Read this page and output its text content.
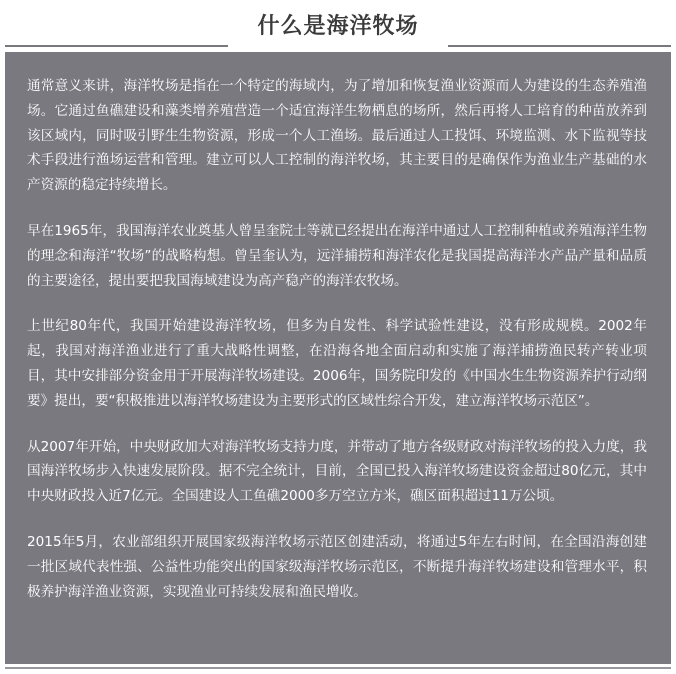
什么是海洋牧场

通常意义来讲，海洋牧场是指在一个特定的海域内，为了增加和恢复渔业资源而人为建设的生态养殖渔场。它通过鱼礁建设和藻类增养殖营造一个适宜海洋生物栖息的场所，然后再将人工培育的种苗放养到该区域内，同时吸引野生生物资源，形成一个人工渔场。最后通过人工投饵、环境监测、水下监视等技术手段进行渔场运营和管理。建立可以人工控制的海洋牧场，其主要目的是确保作为渔业生产基础的水产资源的稳定持续增长。

早在1965年，我国海洋农业奠基人曾呈奎院士等就已经提出在海洋中通过人工控制种植或养殖海洋生物的理念和海洋“牧场”的战略构想。曾呈奎认为，远洋捕捞和海洋农化是我国提高海洋水产品产量和品质的主要途径，提出要把我国海域建设为高产稳产的海洋农牧场。

上世纪80年代，我国开始建设海洋牧场，但多为自发性、科学试验性建设，没有形成规模。2002年起，我国对海洋渔业进行了重大战略性调整，在沿海各地全面启动和实施了海洋捕捞渔民转产转业项目，其中安排部分资金用于开展海洋牧场建设。2006年，国务院印发的《中国水生生物资源养护行动纲要》提出，要“积极推进以海洋牧场建设为主要形式的区域性综合开发，建立海洋牧场示范区”。

从2007年开始，中央财政加大对海洋牧场支持力度，并带动了地方各级财政对海洋牧场的投入力度，我国海洋牧场步入快速发展阶段。据不完全统计，目前，全国已投入海洋牧场建设资金超过80亿元，其中中央财政投入近7亿元。全国建设人工鱼礁2000多万空立方米，礁区面积超过11万公顷。

2015年5月，农业部组织开展国家级海洋牧场示范区创建活动，将通过5年左右时间，在全国沿海创建一批区域代表性强、公益性功能突出的国家级海洋牧场示范区，不断提升海洋牧场建设和管理水平，积极养护海洋渔业资源，实现渔业可持续发展和渔民增收。
